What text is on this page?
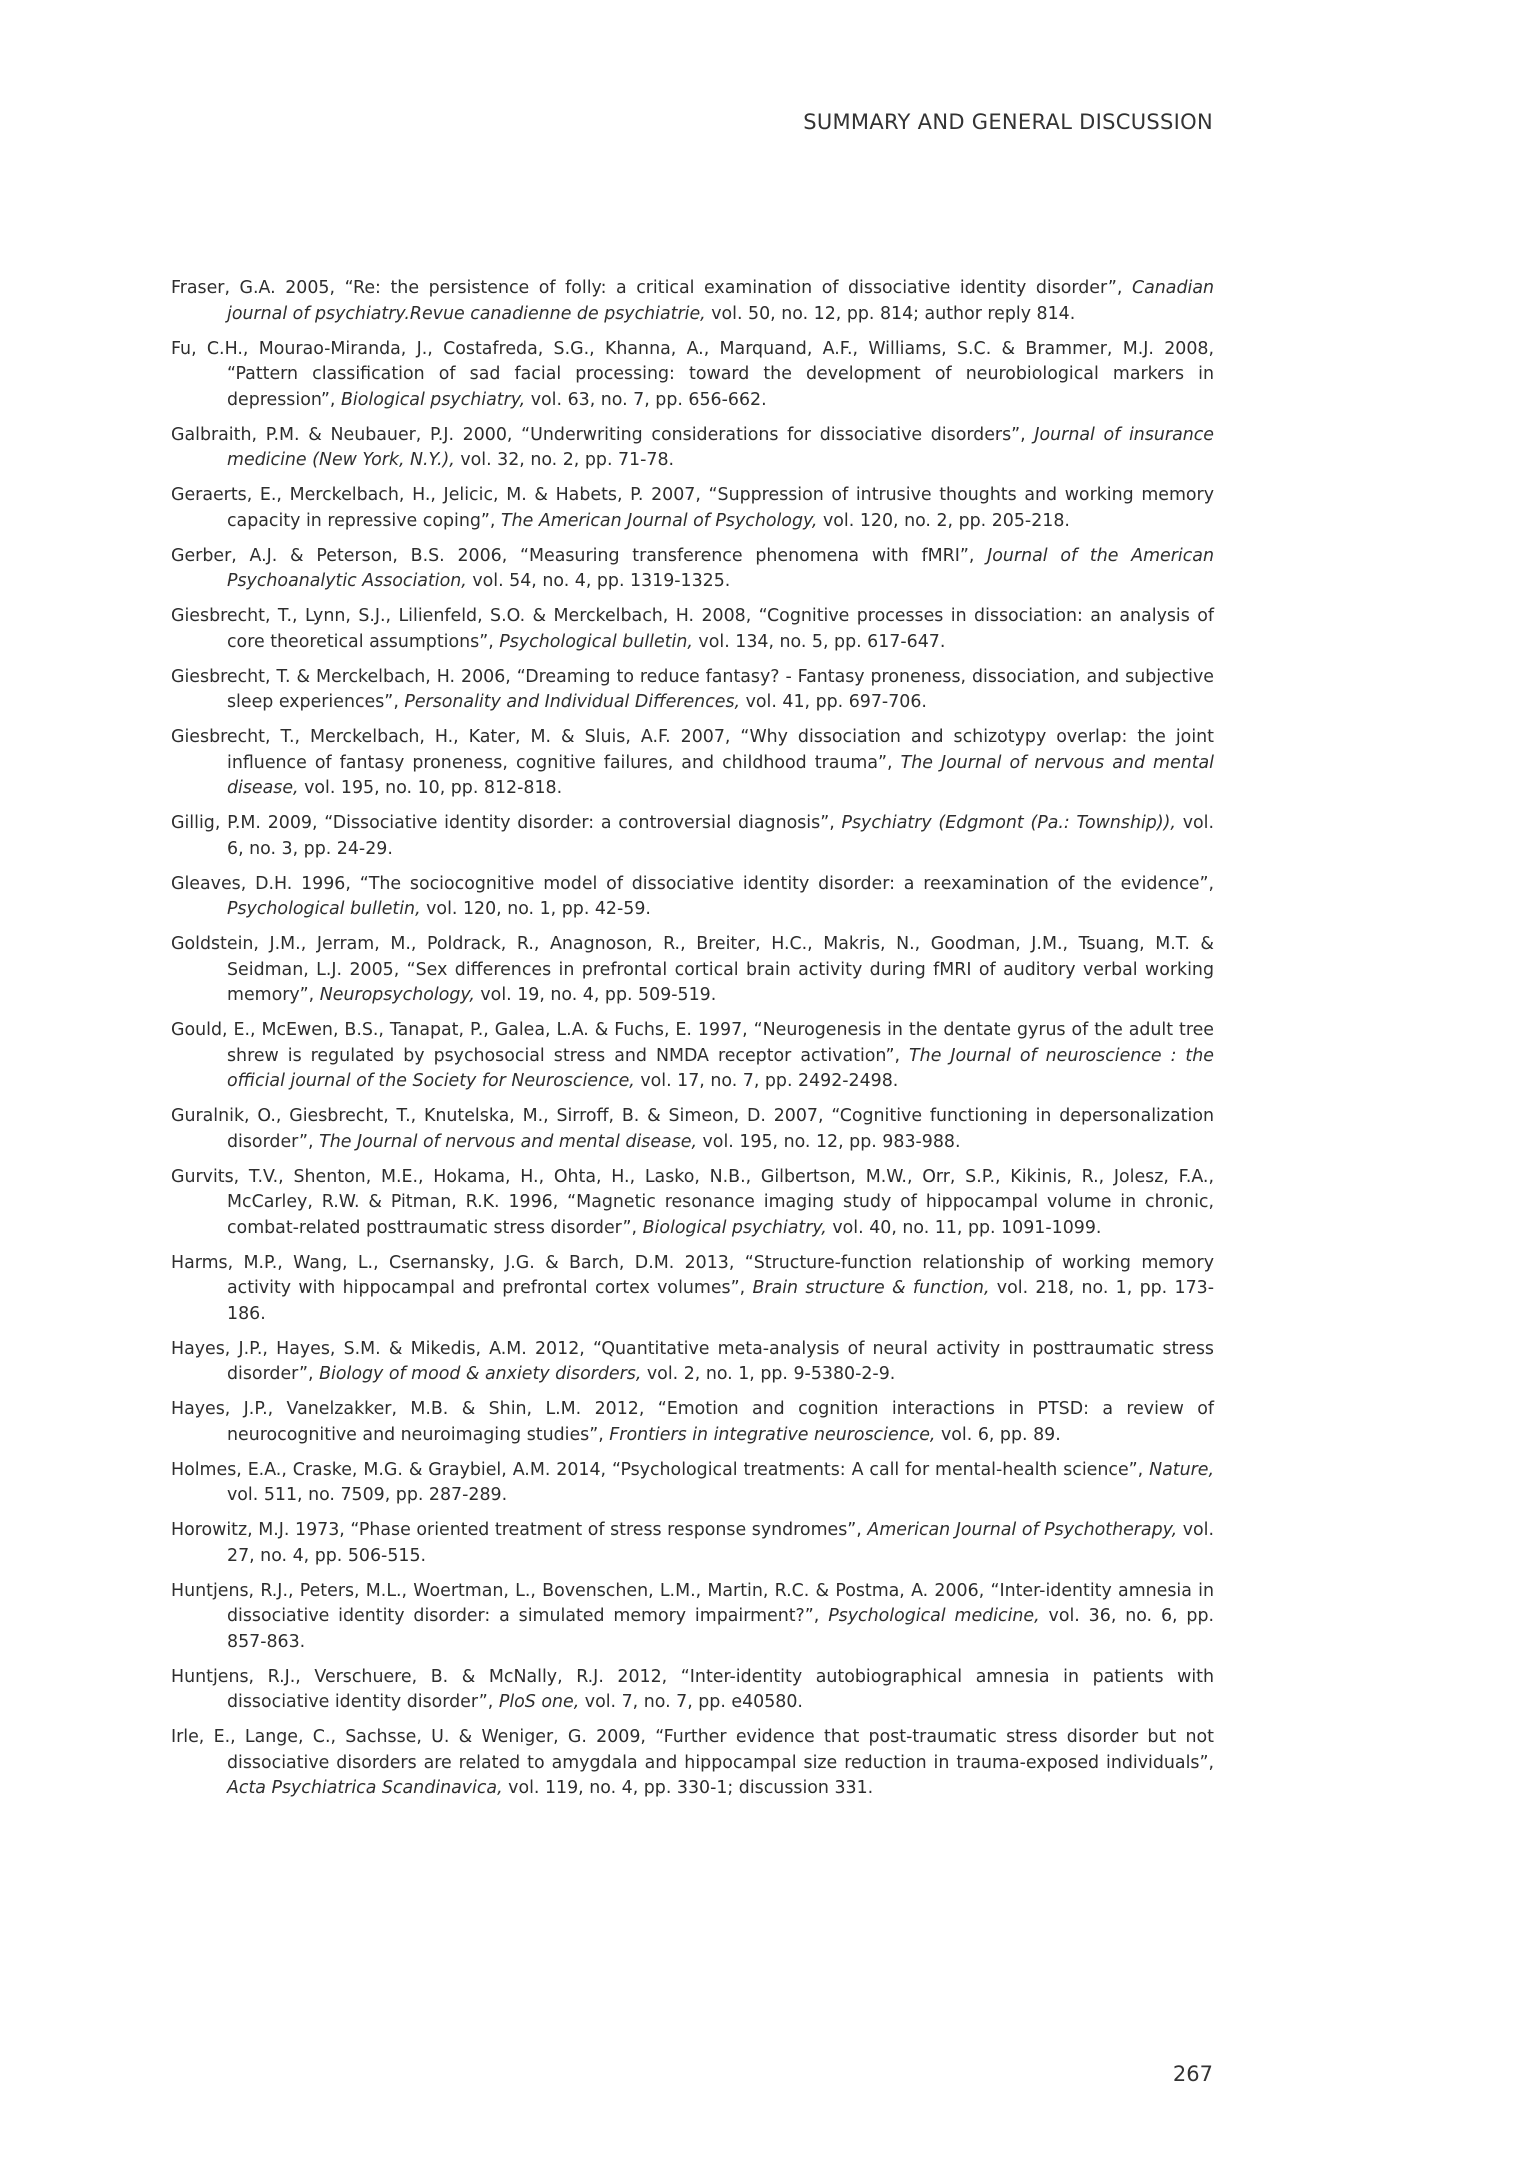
SUMMARY AND GENERAL DISCUSSION

Fraser, G.A. 2005, “Re: the persistence of folly: a critical examination of dissociative identity disorder”, Canadian journal of psychiatry.Revue canadienne de psychiatrie, vol. 50, no. 12, pp. 814; author reply 814.

Fu, C.H., Mourao-Miranda, J., Costafreda, S.G., Khanna, A., Marquand, A.F., Williams, S.C. & Brammer, M.J. 2008, “Pattern classification of sad facial processing: toward the development of neurobiological markers in depression”, Biological psychiatry, vol. 63, no. 7, pp. 656-662.

Galbraith, P.M. & Neubauer, P.J. 2000, “Underwriting considerations for dissociative disorders”, Journal of insurance medicine (New York, N.Y.), vol. 32, no. 2, pp. 71-78.

Geraerts, E., Merckelbach, H., Jelicic, M. & Habets, P. 2007, “Suppression of intrusive thoughts and working memory capacity in repressive coping”, The American Journal of Psychology, vol. 120, no. 2, pp. 205-218.

Gerber, A.J. & Peterson, B.S. 2006, “Measuring transference phenomena with fMRI”, Journal of the American Psychoanalytic Association, vol. 54, no. 4, pp. 1319-1325.

Giesbrecht, T., Lynn, S.J., Lilienfeld, S.O. & Merckelbach, H. 2008, “Cognitive processes in dissociation: an analysis of core theoretical assumptions”, Psychological bulletin, vol. 134, no. 5, pp. 617-647.

Giesbrecht, T. & Merckelbach, H. 2006, “Dreaming to reduce fantasy? - Fantasy proneness, dissociation, and subjective sleep experiences”, Personality and Individual Differences, vol. 41, pp. 697-706.

Giesbrecht, T., Merckelbach, H., Kater, M. & Sluis, A.F. 2007, “Why dissociation and schizotypy overlap: the joint influence of fantasy proneness, cognitive failures, and childhood trauma”, The Journal of nervous and mental disease, vol. 195, no. 10, pp. 812-818.

Gillig, P.M. 2009, “Dissociative identity disorder: a controversial diagnosis”, Psychiatry (Edgmont (Pa.: Township)), vol. 6, no. 3, pp. 24-29.

Gleaves, D.H. 1996, “The sociocognitive model of dissociative identity disorder: a reexamination of the evidence”, Psychological bulletin, vol. 120, no. 1, pp. 42-59.

Goldstein, J.M., Jerram, M., Poldrack, R., Anagnoson, R., Breiter, H.C., Makris, N., Goodman, J.M., Tsuang, M.T. & Seidman, L.J. 2005, “Sex differences in prefrontal cortical brain activity during fMRI of auditory verbal working memory”, Neuropsychology, vol. 19, no. 4, pp. 509-519.

Gould, E., McEwen, B.S., Tanapat, P., Galea, L.A. & Fuchs, E. 1997, “Neurogenesis in the dentate gyrus of the adult tree shrew is regulated by psychosocial stress and NMDA receptor activation”, The Journal of neuroscience : the official journal of the Society for Neuroscience, vol. 17, no. 7, pp. 2492-2498.

Guralnik, O., Giesbrecht, T., Knutelska, M., Sirroff, B. & Simeon, D. 2007, “Cognitive functioning in depersonalization disorder”, The Journal of nervous and mental disease, vol. 195, no. 12, pp. 983-988.

Gurvits, T.V., Shenton, M.E., Hokama, H., Ohta, H., Lasko, N.B., Gilbertson, M.W., Orr, S.P., Kikinis, R., Jolesz, F.A., McCarley, R.W. & Pitman, R.K. 1996, “Magnetic resonance imaging study of hippocampal volume in chronic, combat-related posttraumatic stress disorder”, Biological psychiatry, vol. 40, no. 11, pp. 1091-1099.

Harms, M.P., Wang, L., Csernansky, J.G. & Barch, D.M. 2013, “Structure-function relationship of working memory activity with hippocampal and prefrontal cortex volumes”, Brain structure & function, vol. 218, no. 1, pp. 173-186.

Hayes, J.P., Hayes, S.M. & Mikedis, A.M. 2012, “Quantitative meta-analysis of neural activity in posttraumatic stress disorder”, Biology of mood & anxiety disorders, vol. 2, no. 1, pp. 9-5380-2-9.

Hayes, J.P., Vanelzakker, M.B. & Shin, L.M. 2012, “Emotion and cognition interactions in PTSD: a review of neurocognitive and neuroimaging studies”, Frontiers in integrative neuroscience, vol. 6, pp. 89.

Holmes, E.A., Craske, M.G. & Graybiel, A.M. 2014, “Psychological treatments: A call for mental-health science”, Nature, vol. 511, no. 7509, pp. 287-289.

Horowitz, M.J. 1973, “Phase oriented treatment of stress response syndromes”, American Journal of Psychotherapy, vol. 27, no. 4, pp. 506-515.

Huntjens, R.J., Peters, M.L., Woertman, L., Bovenschen, L.M., Martin, R.C. & Postma, A. 2006, “Inter-identity amnesia in dissociative identity disorder: a simulated memory impairment?”, Psychological medicine, vol. 36, no. 6, pp. 857-863.

Huntjens, R.J., Verschuere, B. & McNally, R.J. 2012, “Inter-identity autobiographical amnesia in patients with dissociative identity disorder”, PloS one, vol. 7, no. 7, pp. e40580.

Irle, E., Lange, C., Sachsse, U. & Weniger, G. 2009, “Further evidence that post-traumatic stress disorder but not dissociative disorders are related to amygdala and hippocampal size reduction in trauma-exposed individuals”, Acta Psychiatrica Scandinavica, vol. 119, no. 4, pp. 330-1; discussion 331.

267
